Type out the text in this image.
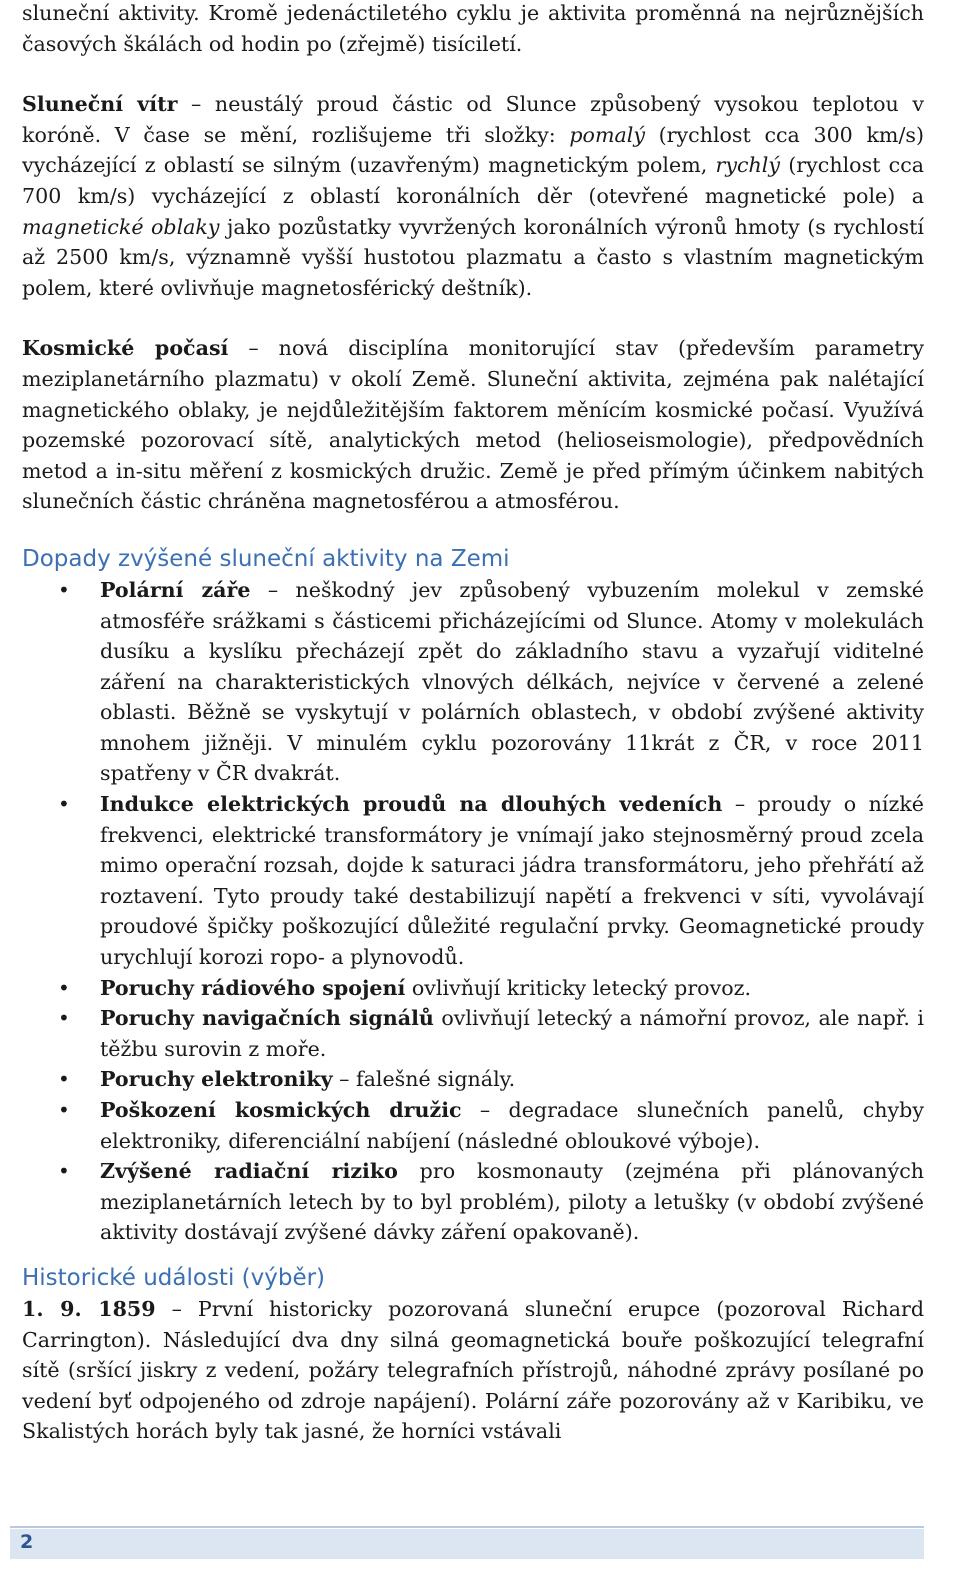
sluneční aktivity. Kromě jedenáctiletého cyklu je aktivita proměnná na nejrůznějších časových škálách od hodin po (zřejmě) tisíciletí.

Sluneční vítr – neustálý proud částic od Slunce způsobený vysokou teplotou v koróně. V čase se mění, rozlišujeme tři složky: pomalý (rychlost cca 300 km/s) vycházející z oblastí se silným (uzavřeným) magnetickým polem, rychlý (rychlost cca 700 km/s) vycházející z oblastí koronálních děr (otevřené magnetické pole) a magnetické oblaky jako pozůstatky vyvržených koronálních výronů hmoty (s rychlostí až 2500 km/s, významně vyšší hustotou plazmatu a často s vlastním magnetickým polem, které ovlivňuje magnetosférický deštník).

Kosmické počasí – nová disciplína monitorující stav (především parametry meziplanetárního plazmatu) v okolí Země. Sluneční aktivita, zejména pak nalétající magnetického oblaky, je nejdůležitějším faktorem měnícím kosmické počasí. Využívá pozemské pozorovací sítě, analytických metod (helioseismologie), předpovědních metod a in-situ měření z kosmických družic. Země je před přímým účinkem nabitých slunečních částic chráněna magnetosférou a atmosférou.

Dopady zvýšené sluneční aktivity na Zemi
• Polární záře – neškodný jev způsobený vybuzením molekul v zemské atmosféře srážkami s částicemi přicházejícími od Slunce. Atomy v molekulách dusíku a kyslíku přecházejí zpět do základního stavu a vyzařují viditelné záření na charakteristických vlnových délkách, nejvíce v červené a zelené oblasti. Běžně se vyskytují v polárních oblastech, v období zvýšené aktivity mnohem jižněji. V minulém cyklu pozorovány 11krát z ČR, v roce 2011 spatřeny v ČR dvakrát.
• Indukce elektrických proudů na dlouhých vedeních – proudy o nízké frekvenci, elektrické transformátory je vnímají jako stejnosměrný proud zcela mimo operační rozsah, dojde k saturaci jádra transformátoru, jeho přehřátí až roztavení. Tyto proudy také destabilizují napětí a frekvenci v síti, vyvolávají proudové špičky poškozující důležité regulační prvky. Geomagnetické proudy urychlují korozi ropo- a plynovodů.
• Poruchy rádiového spojení ovlivňují kriticky letecký provoz.
• Poruchy navigačních signálů ovlivňují letecký a námořní provoz, ale např. i těžbu surovin z moře.
• Poruchy elektroniky – falešné signály.
• Poškození kosmických družic – degradace slunečních panelů, chyby elektroniky, diferenciální nabíjení (následné obloukové výboje).
• Zvýšené radiační riziko pro kosmonauty (zejména při plánovaných meziplanetárních letech by to byl problém), piloty a letušky (v období zvýšené aktivity dostávají zvýšené dávky záření opakovaně).
Historické události (výběr)

1. 9. 1859 – První historicky pozorovaná sluneční erupce (pozoroval Richard Carrington). Následující dva dny silná geomagnetická bouře poškozující telegrafní sítě (sršící jiskry z vedení, požáry telegrafních přístrojů, náhodné zprávy posílané po vedení byť odpojeného od zdroje napájení). Polární záře pozorovány až v Karibiku, ve Skalistých horách byly tak jasné, že horníci vstávali

2
